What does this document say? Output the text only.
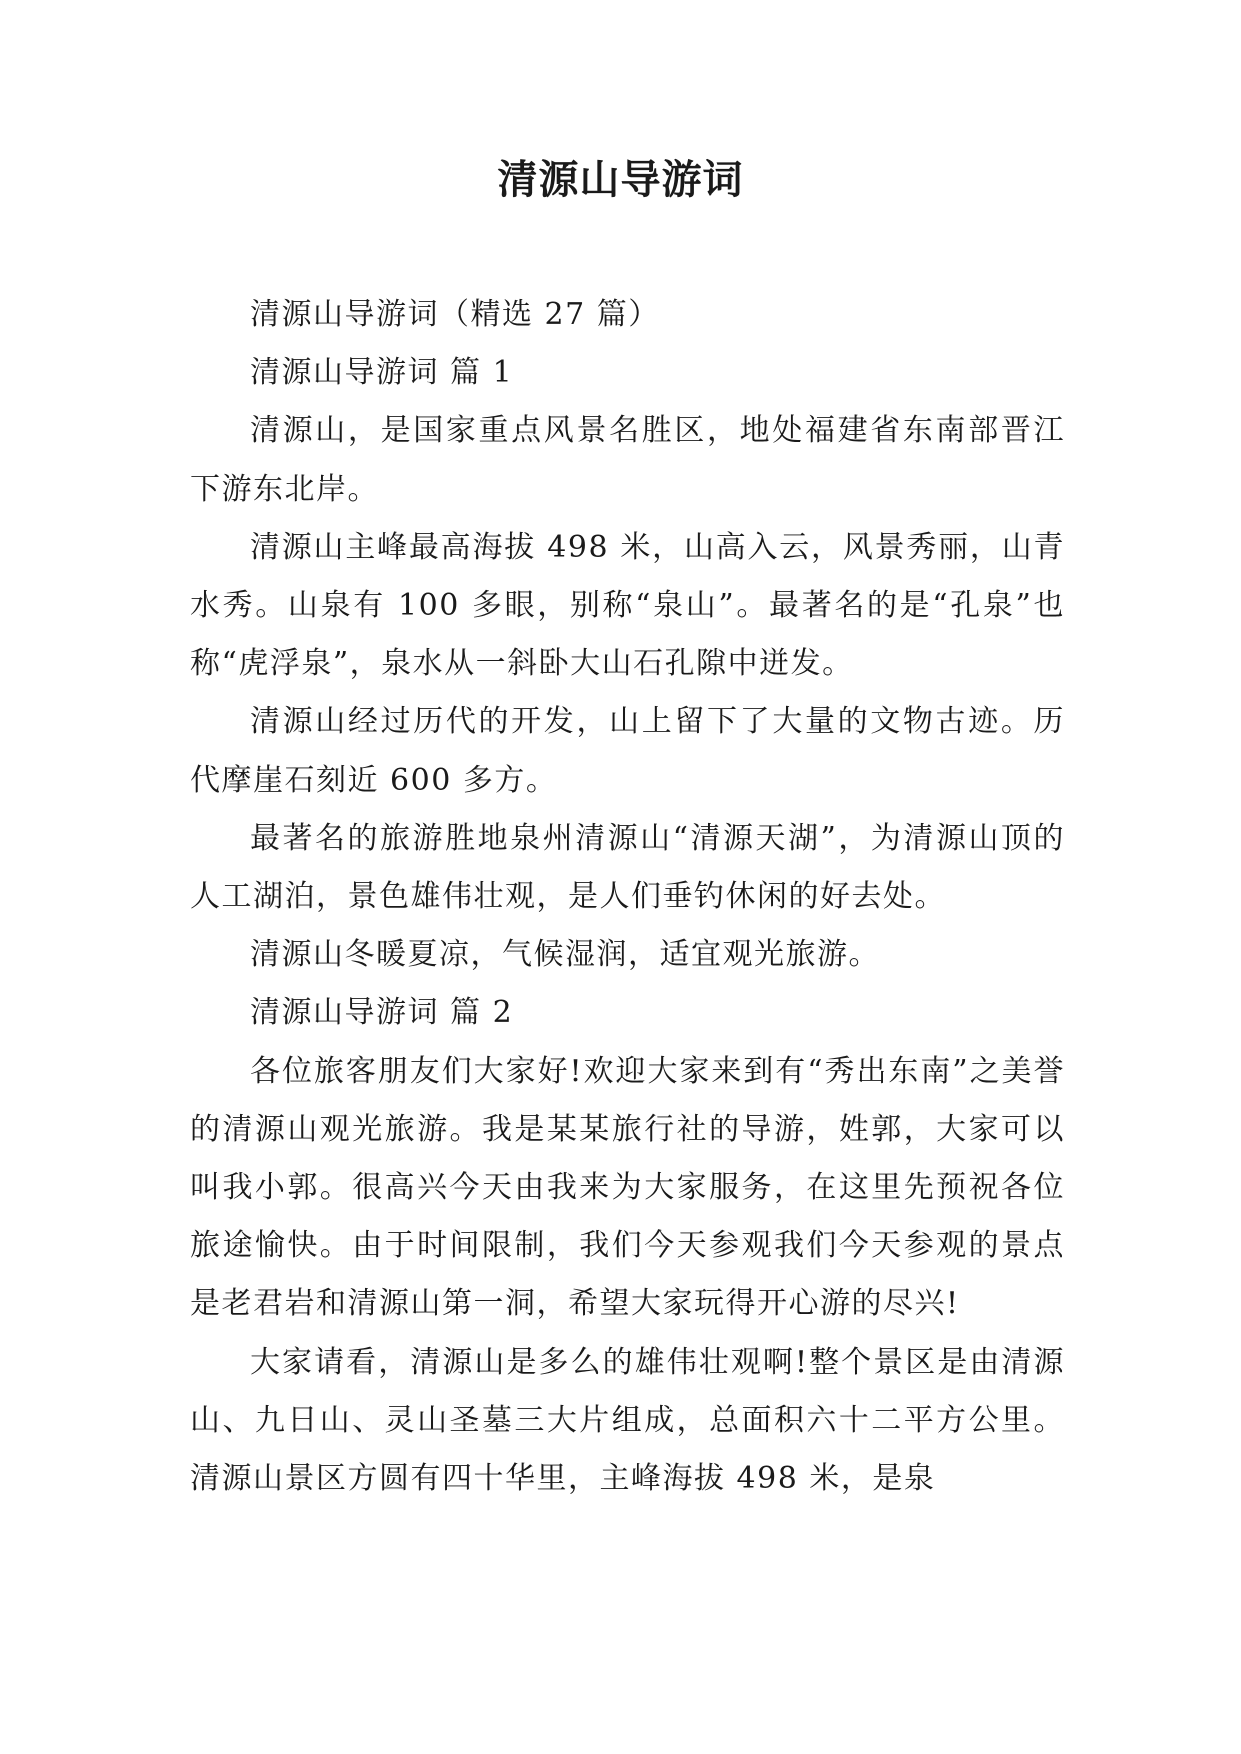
清源山导游词

清源山导游词（精选 27 篇）

清源山导游词 篇 1

清源山，是国家重点风景名胜区，地处福建省东南部晋江下游东北岸。

清源山主峰最高海拔 498 米，山高入云，风景秀丽，山青水秀。山泉有 100 多眼，别称“泉山”。最著名的是“孔泉”也称“虎浮泉”，泉水从一斜卧大山石孔隙中迸发。

清源山经过历代的开发，山上留下了大量的文物古迹。历代摩崖石刻近 600 多方。

最著名的旅游胜地泉州清源山“清源天湖”，为清源山顶的人工湖泊，景色雄伟壮观，是人们垂钓休闲的好去处。

清源山冬暖夏凉，气候湿润，适宜观光旅游。

清源山导游词 篇 2

各位旅客朋友们大家好!欢迎大家来到有“秀出东南”之美誉的清源山观光旅游。我是某某旅行社的导游，姓郭，大家可以叫我小郭。很高兴今天由我来为大家服务，在这里先预祝各位旅途愉快。由于时间限制，我们今天参观我们今天参观的景点是老君岩和清源山第一洞，希望大家玩得开心游的尽兴!

大家请看，清源山是多么的雄伟壮观啊!整个景区是由清源山、九日山、灵山圣墓三大片组成，总面积六十二平方公里。清源山景区方圆有四十华里，主峰海拔 498 米，是泉
